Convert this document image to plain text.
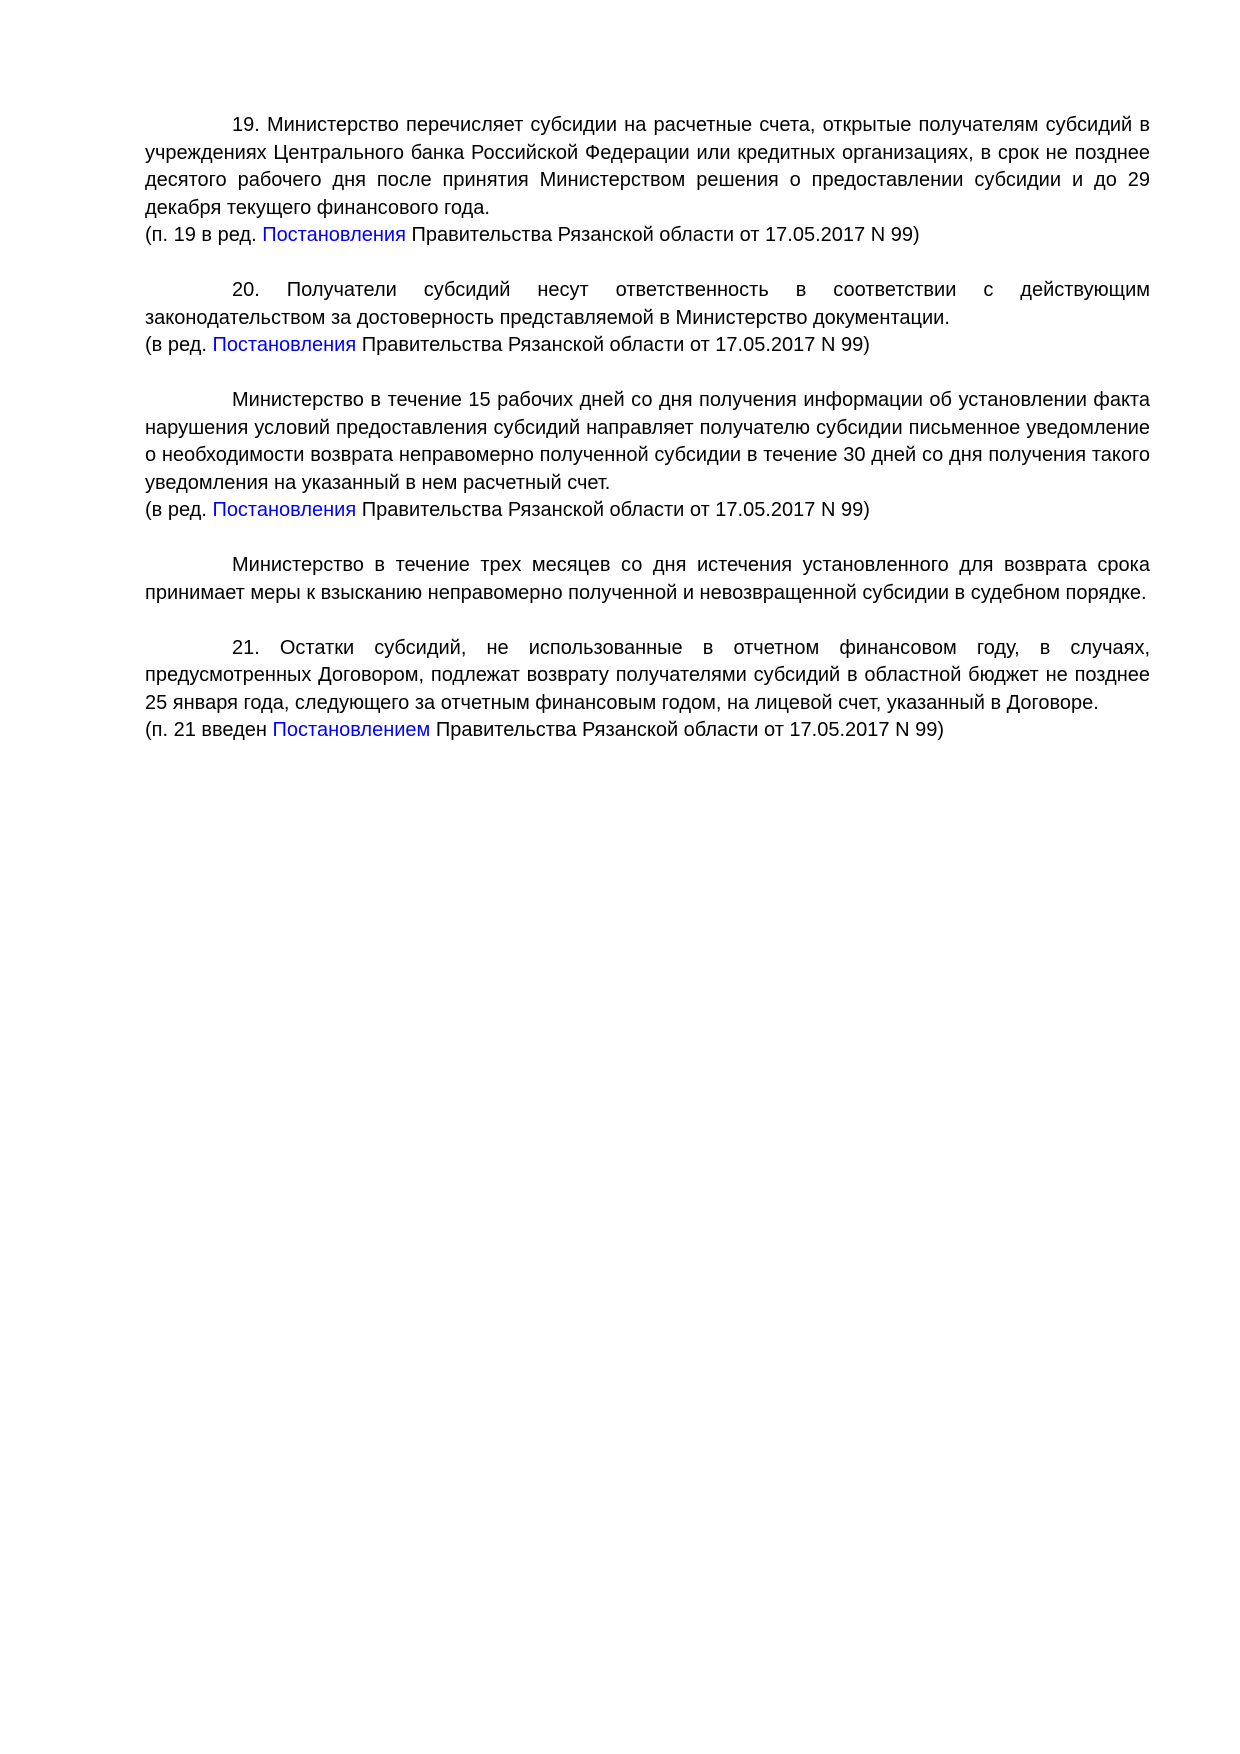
19. Министерство перечисляет субсидии на расчетные счета, открытые получателям субсидий в учреждениях Центрального банка Российской Федерации или кредитных организациях, в срок не позднее десятого рабочего дня после принятия Министерством решения о предоставлении субсидии и до 29 декабря текущего финансового года.

(п. 19 в ред. Постановления Правительства Рязанской области от 17.05.2017 N 99)

20. Получатели субсидий несут ответственность в соответствии с действующим законодательством за достоверность представляемой в Министерство документации.

(в ред. Постановления Правительства Рязанской области от 17.05.2017 N 99)

Министерство в течение 15 рабочих дней со дня получения информации об установлении факта нарушения условий предоставления субсидий направляет получателю субсидии письменное уведомление о необходимости возврата неправомерно полученной субсидии в течение 30 дней со дня получения такого уведомления на указанный в нем расчетный счет.

(в ред. Постановления Правительства Рязанской области от 17.05.2017 N 99)

Министерство в течение трех месяцев со дня истечения установленного для возврата срока принимает меры к взысканию неправомерно полученной и невозвращенной субсидии в судебном порядке.

21. Остатки субсидий, не использованные в отчетном финансовом году, в случаях, предусмотренных Договором, подлежат возврату получателями субсидий в областной бюджет не позднее 25 января года, следующего за отчетным финансовым годом, на лицевой счет, указанный в Договоре.

(п. 21 введен Постановлением Правительства Рязанской области от 17.05.2017 N 99)
